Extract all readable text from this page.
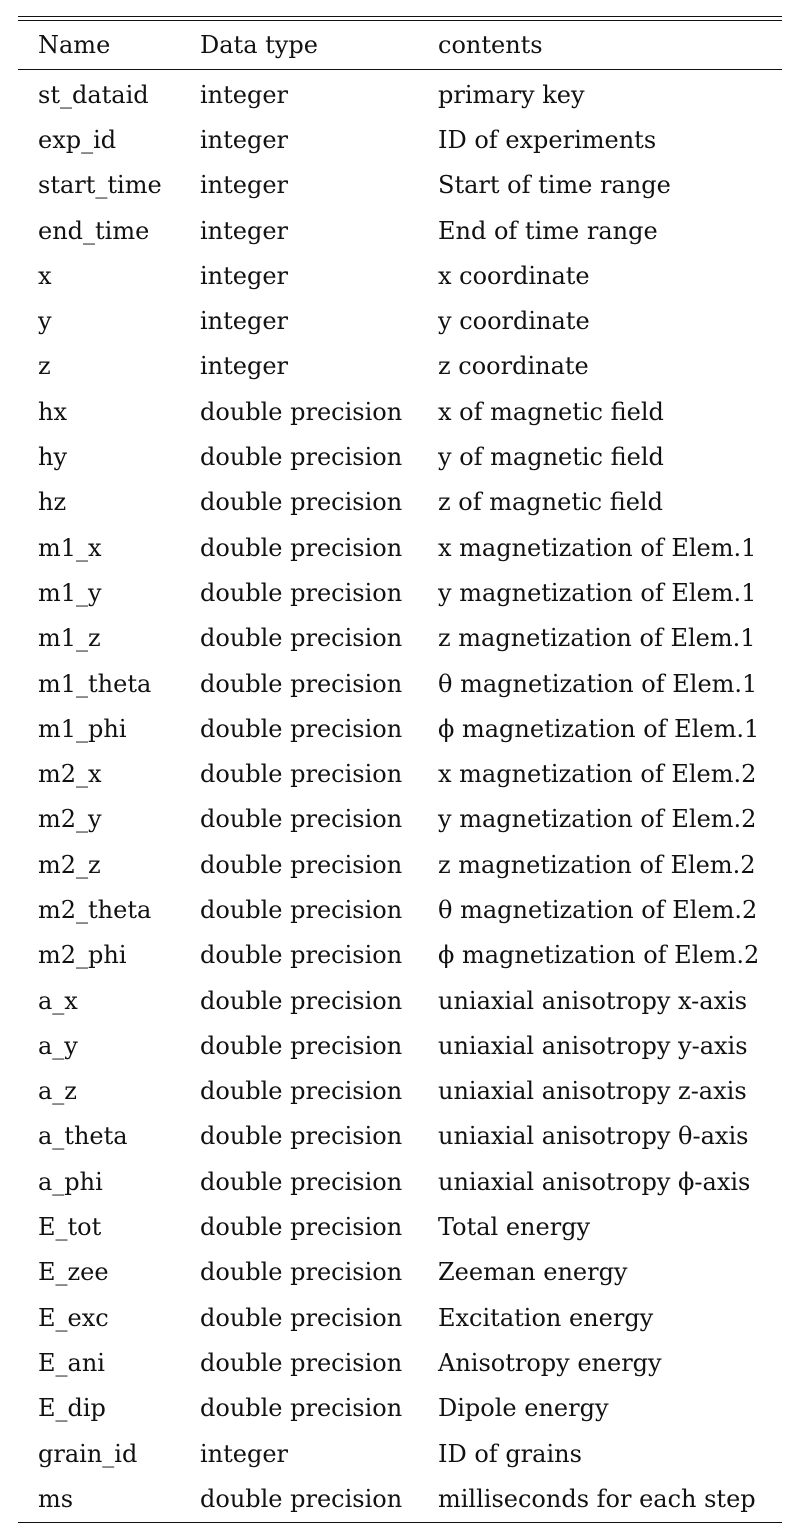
Name	Data type	contents
st_dataid	integer	primary key
exp_id	integer	ID of experiments
start_time	integer	Start of time range
end_time	integer	End of time range
x	integer	x coordinate
y	integer	y coordinate
z	integer	z coordinate
hx	double precision	x of magnetic field
hy	double precision	y of magnetic field
hz	double precision	z of magnetic field
m1_x	double precision	x magnetization of Elem.1
m1_y	double precision	y magnetization of Elem.1
m1_z	double precision	z magnetization of Elem.1
m1_theta	double precision	θ magnetization of Elem.1
m1_phi	double precision	ϕ magnetization of Elem.1
m2_x	double precision	x magnetization of Elem.2
m2_y	double precision	y magnetization of Elem.2
m2_z	double precision	z magnetization of Elem.2
m2_theta	double precision	θ magnetization of Elem.2
m2_phi	double precision	ϕ magnetization of Elem.2
a_x	double precision	uniaxial anisotropy x-axis
a_y	double precision	uniaxial anisotropy y-axis
a_z	double precision	uniaxial anisotropy z-axis
a_theta	double precision	uniaxial anisotropy θ-axis
a_phi	double precision	uniaxial anisotropy ϕ-axis
E_tot	double precision	Total energy
E_zee	double precision	Zeeman energy
E_exc	double precision	Excitation energy
E_ani	double precision	Anisotropy energy
E_dip	double precision	Dipole energy
grain_id	integer	ID of grains
ms	double precision	milliseconds for each step
